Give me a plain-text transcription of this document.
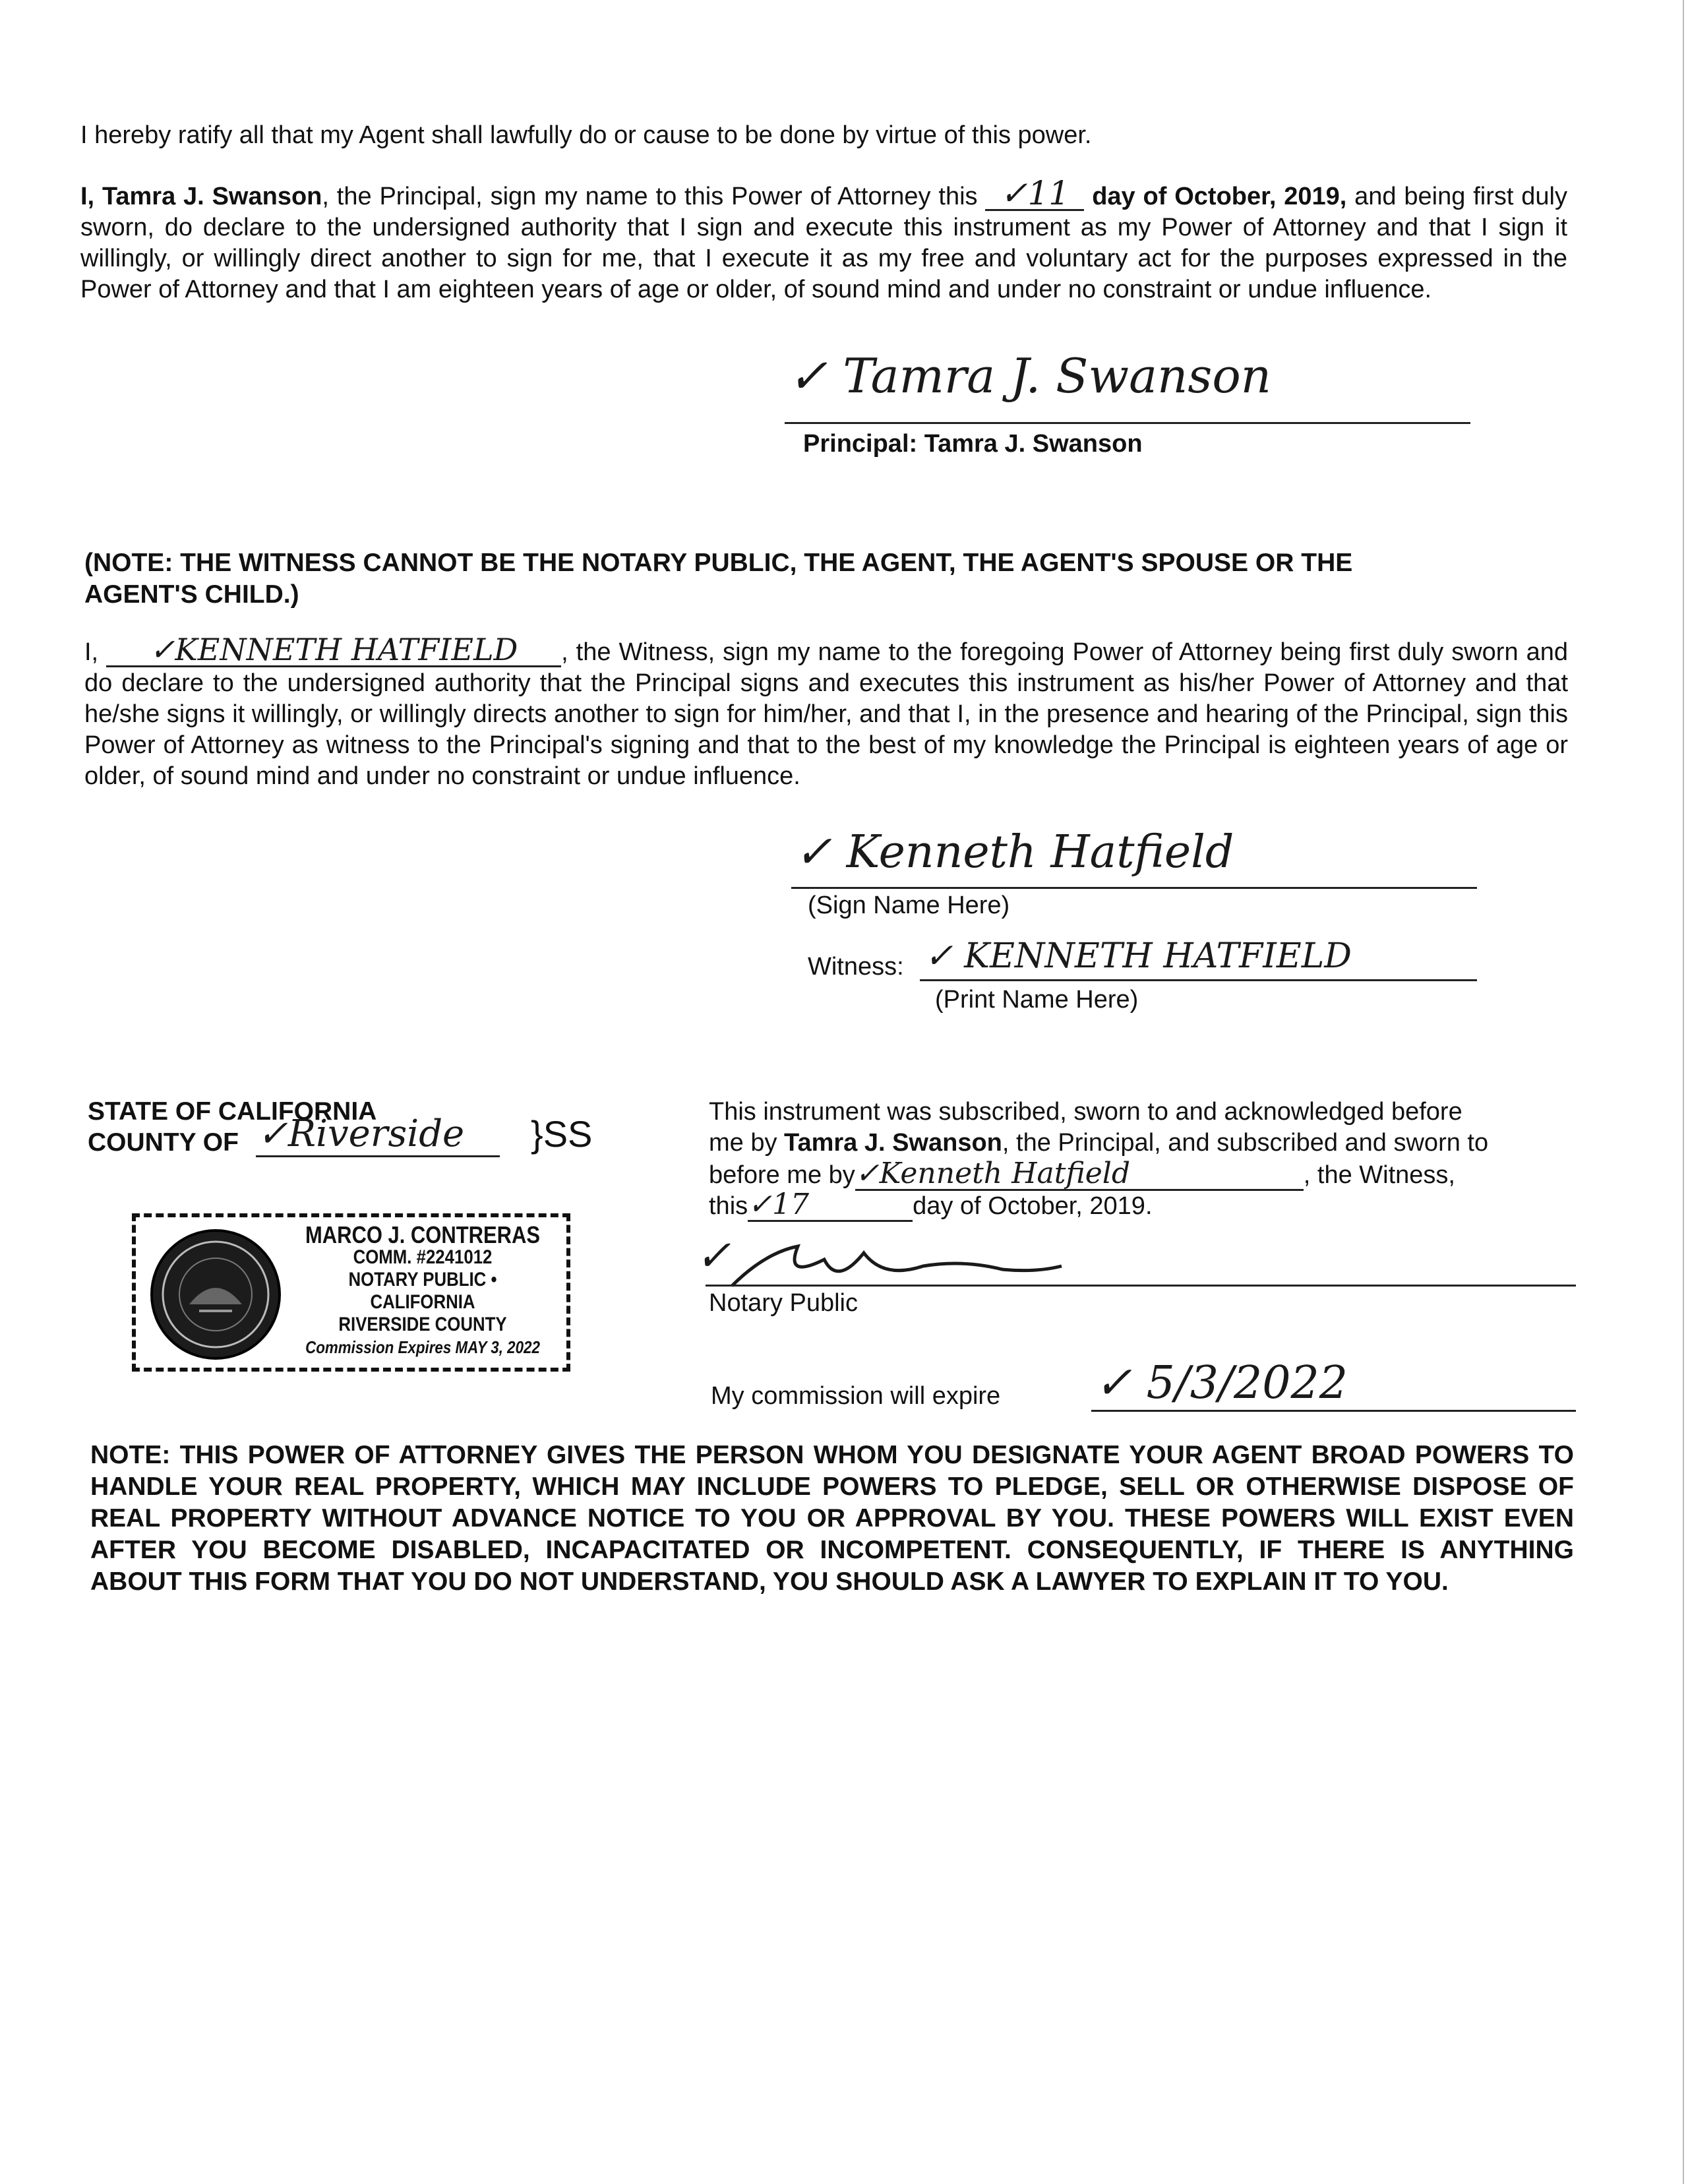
I hereby ratify all that my Agent shall lawfully do or cause to be done by virtue of this power.

I, Tamra J. Swanson, the Principal, sign my name to this Power of Attorney this ✓11 day of October, 2019, and being first duly sworn, do declare to the undersigned authority that I sign and execute this instrument as my Power of Attorney and that I sign it willingly, or willingly direct another to sign for me, that I execute it as my free and voluntary act for the purposes expressed in the Power of Attorney and that I am eighteen years of age or older, of sound mind and under no constraint or undue influence.

✓ Tamra J. Swanson
Principal: Tamra J. Swanson

(NOTE: THE WITNESS CANNOT BE THE NOTARY PUBLIC, THE AGENT, THE AGENT'S SPOUSE OR THE AGENT'S CHILD.)

I, ✓KENNETH HATFIELD , the Witness, sign my name to the foregoing Power of Attorney being first duly sworn and do declare to the undersigned authority that the Principal signs and executes this instrument as his/her Power of Attorney and that he/she signs it willingly, or willingly directs another to sign for him/her, and that I, in the presence and hearing of the Principal, sign this Power of Attorney as witness to the Principal's signing and that to the best of my knowledge the Principal is eighteen years of age or older, of sound mind and under no constraint or undue influence.

✓ Kenneth Hatfield
(Sign Name Here)
Witness: ✓ KENNETH HATFIELD
(Print Name Here)
STATE OF CALIFORNIA
COUNTY OF ✓Riverside }SS
MARCO J. CONTRERAS
COMM. #2241012
NOTARY PUBLIC • CALIFORNIA
RIVERSIDE COUNTY
Commission Expires MAY 3, 2022
This instrument was subscribed, sworn to and acknowledged before
me by Tamra J. Swanson, the Principal, and subscribed and sworn to
before me by✓Kenneth Hatfield	, the Witness,
this✓17	day of October, 2019.
✓
Notary Public
My commission will expire ✓ 5/3/2022

NOTE: THIS POWER OF ATTORNEY GIVES THE PERSON WHOM YOU DESIGNATE YOUR AGENT BROAD POWERS TO HANDLE YOUR REAL PROPERTY, WHICH MAY INCLUDE POWERS TO PLEDGE, SELL OR OTHERWISE DISPOSE OF REAL PROPERTY WITHOUT ADVANCE NOTICE TO YOU OR APPROVAL BY YOU. THESE POWERS WILL EXIST EVEN AFTER YOU BECOME DISABLED, INCAPACITATED OR INCOMPETENT. CONSEQUENTLY, IF THERE IS ANYTHING ABOUT THIS FORM THAT YOU DO NOT UNDERSTAND, YOU SHOULD ASK A LAWYER TO EXPLAIN IT TO YOU.
